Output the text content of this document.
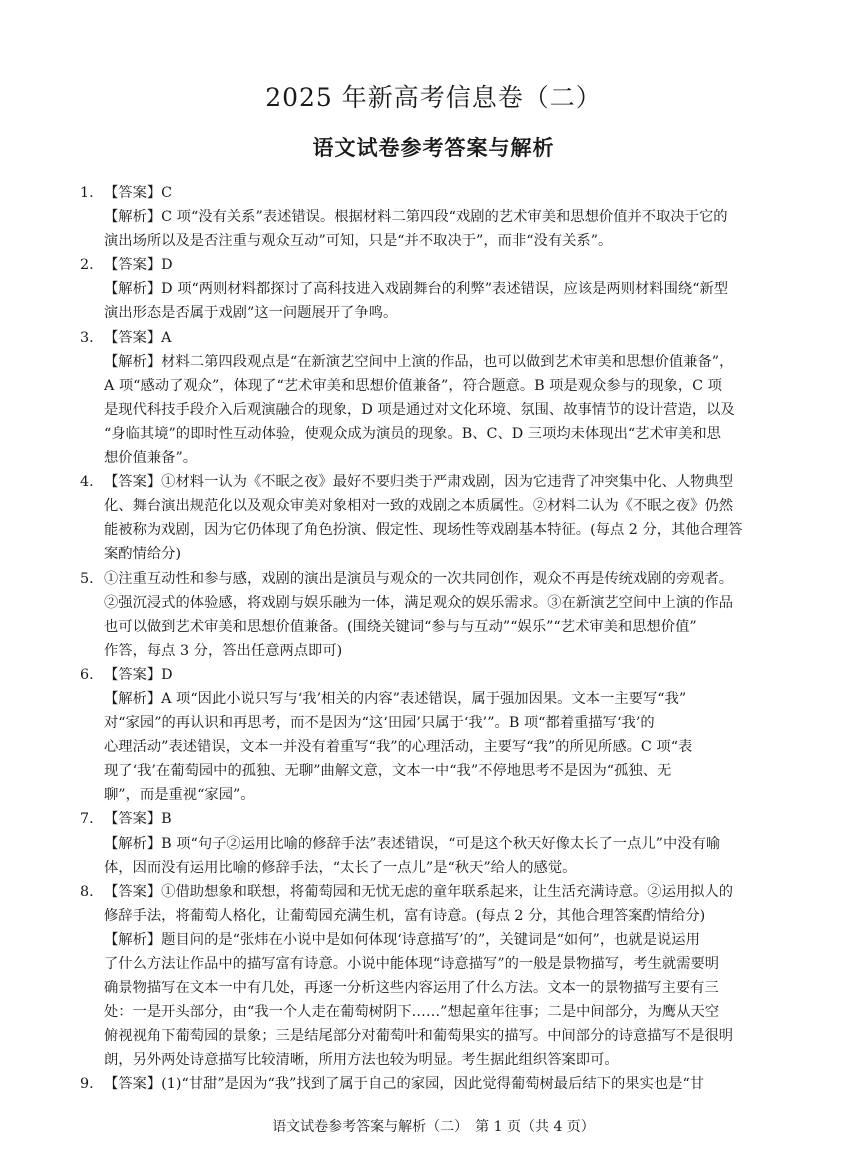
2025 年新高考信息卷（二）
语文试卷参考答案与解析
1. 【答案】C
【解析】C 项“没有关系”表述错误。根据材料二第四段“戏剧的艺术审美和思想价值并不取决于它的
演出场所以及是否注重与观众互动”可知，只是“并不取决于”，而非“没有关系”。
2. 【答案】D
【解析】D 项“两则材料都探讨了高科技进入戏剧舞台的利弊”表述错误，应该是两则材料围绕“新型
演出形态是否属于戏剧”这一问题展开了争鸣。
3. 【答案】A
【解析】材料二第四段观点是“在新演艺空间中上演的作品，也可以做到艺术审美和思想价值兼备”，
A 项“感动了观众”，体现了“艺术审美和思想价值兼备”，符合题意。B 项是观众参与的现象，C 项
是现代科技手段介入后观演融合的现象，D 项是通过对文化环境、氛围、故事情节的设计营造，以及
“身临其境”的即时性互动体验，使观众成为演员的现象。B、C、D 三项均未体现出“艺术审美和思
想价值兼备”。
4. 【答案】①材料一认为《不眠之夜》最好不要归类于严肃戏剧，因为它违背了冲突集中化、人物典型
化、舞台演出规范化以及观众审美对象相对一致的戏剧之本质属性。②材料二认为《不眠之夜》仍然
能被称为戏剧，因为它仍体现了角色扮演、假定性、现场性等戏剧基本特征。(每点 2 分，其他合理答
案酌情给分)
5. ①注重互动性和参与感，戏剧的演出是演员与观众的一次共同创作，观众不再是传统戏剧的旁观者。
②强沉浸式的体验感，将戏剧与娱乐融为一体，满足观众的娱乐需求。③在新演艺空间中上演的作品
也可以做到艺术审美和思想价值兼备。(围绕关键词“参与与互动”“娱乐”“艺术审美和思想价值”
作答，每点 3 分，答出任意两点即可)
6. 【答案】D
【解析】A 项“因此小说只写与‘我’相关的内容”表述错误，属于强加因果。文本一主要写“我”
对“家园”的再认识和再思考，而不是因为“这‘田园’只属于‘我’”。B 项“都着重描写‘我’的
心理活动”表述错误，文本一并没有着重写“我”的心理活动，主要写“我”的所见所感。C 项“表
现了‘我’在葡萄园中的孤独、无聊”曲解文意，文本一中“我”不停地思考不是因为“孤独、无
聊”，而是重视“家园”。
7. 【答案】B
【解析】B 项“句子②运用比喻的修辞手法”表述错误，“可是这个秋天好像太长了一点儿”中没有喻
体，因而没有运用比喻的修辞手法，“太长了一点儿”是“秋天”给人的感觉。
8. 【答案】①借助想象和联想，将葡萄园和无忧无虑的童年联系起来，让生活充满诗意。②运用拟人的
修辞手法，将葡萄人格化，让葡萄园充满生机，富有诗意。(每点 2 分，其他合理答案酌情给分)
【解析】题目问的是“张炜在小说中是如何体现‘诗意描写’的”，关键词是“如何”，也就是说运用
了什么方法让作品中的描写富有诗意。小说中能体现“诗意描写”的一般是景物描写，考生就需要明
确景物描写在文本一中有几处，再逐一分析这些内容运用了什么方法。文本一的景物描写主要有三
处：一是开头部分，由“我一个人走在葡萄树阴下……”想起童年往事；二是中间部分，为鹰从天空
俯视视角下葡萄园的景象；三是结尾部分对葡萄叶和葡萄果实的描写。中间部分的诗意描写不是很明
朗，另外两处诗意描写比较清晰，所用方法也较为明显。考生据此组织答案即可。
9. 【答案】(1)“甘甜”是因为“我”找到了属于自己的家园，因此觉得葡萄树最后结下的果实也是“甘
语文试卷参考答案与解析（二）　第 1 页（共 4 页）
